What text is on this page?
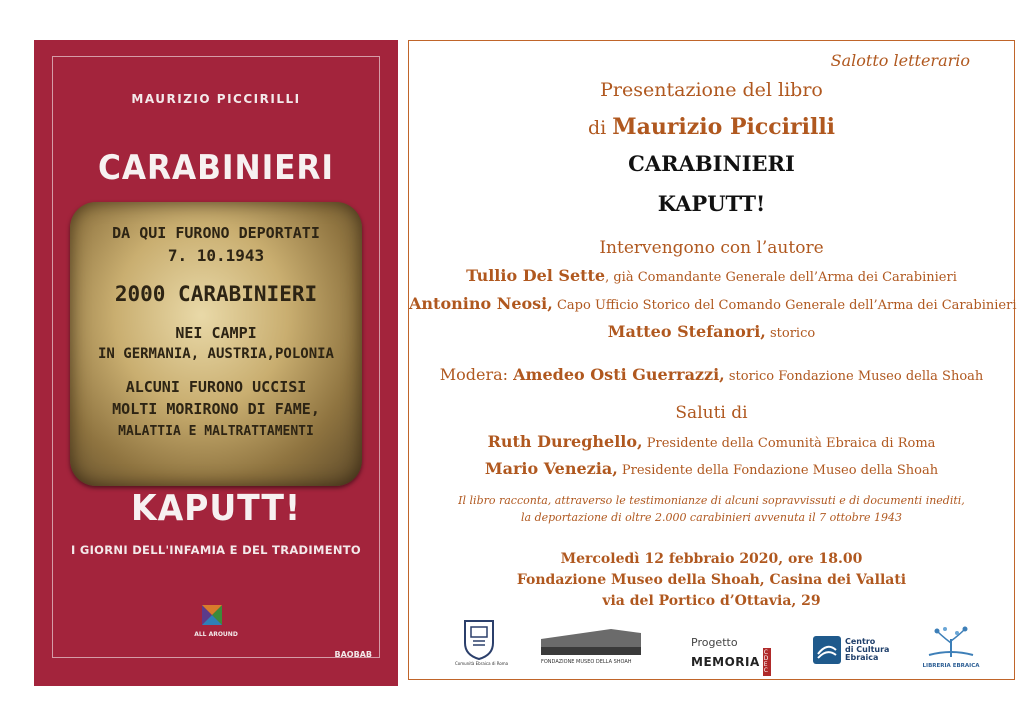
MAURIZIO PICCIRILLI
CARABINIERI
DA QUI FURONO DEPORTATI
7. 10.1943
2000 CARABINIERI
NEI CAMPI
IN GERMANIA, AUSTRIA,POLONIA
ALCUNI FURONO UCCISI
MOLTI MORIRONO DI FAME,
MALATTIA E MALTRATTAMENTI
KAPUTT!
I GIORNI DELL'INFAMIA E DEL TRADIMENTO
ALL AROUND
BAOBAB
Salotto letterario
Presentazione del libro
di Maurizio Piccirilli
CARABINIERI
KAPUTT!
Intervengono con l’autore
Tullio Del Sette, già Comandante Generale dell’Arma dei Carabinieri
Antonino Neosi, Capo Ufficio Storico del Comando Generale dell’Arma dei Carabinieri
Matteo Stefanori, storico
Modera: Amedeo Osti Guerrazzi, storico Fondazione Museo della Shoah
Saluti di
Ruth Dureghello, Presidente della Comunità Ebraica di Roma
Mario Venezia, Presidente della Fondazione Museo della Shoah
Il libro racconta, attraverso le testimonianze di alcuni sopravvissuti e di documenti inediti,
la deportazione di oltre 2.000 carabinieri avvenuta il 7 ottobre 1943
Mercoledì 12 febbraio 2020, ore 18.00
Fondazione Museo della Shoah, Casina dei Vallati
via del Portico d’Ottavia, 29
Comunità Ebraica di Roma	FONDAZIONE MUSEO DELLA SHOAH
Progetto
MEMORIA
CDEC
Centro
di Cultura
Ebraica
LIBRERIA EBRAICA
